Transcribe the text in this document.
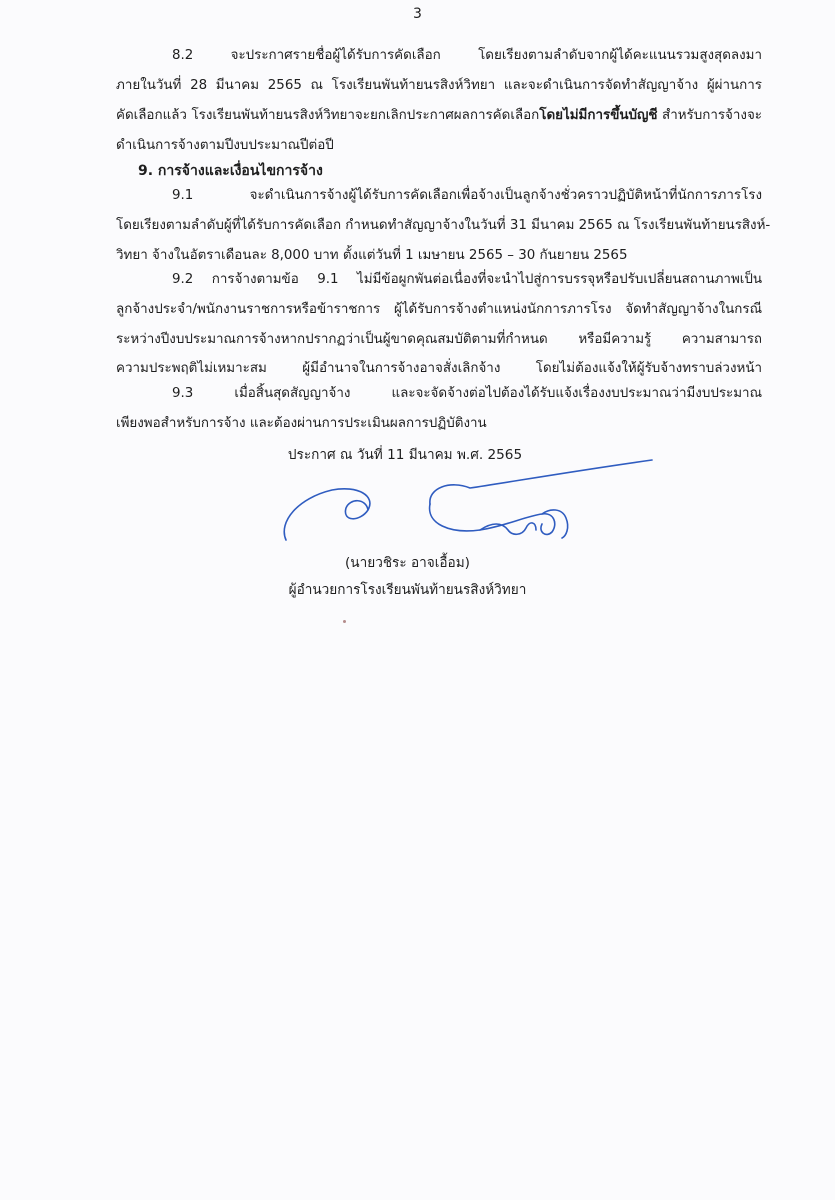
3
8.2 จะประกาศรายชื่อผู้ได้รับการคัดเลือก โดยเรียงตามลำดับจากผู้ได้คะแนนรวมสูงสุดลงมา
ภายในวันที่ 28 มีนาคม 2565 ณ โรงเรียนพันท้ายนรสิงห์วิทยา และจะดำเนินการจัดทำสัญญาจ้าง ผู้ผ่านการ
คัดเลือกแล้ว โรงเรียนพันท้ายนรสิงห์วิทยาจะยกเลิกประกาศผลการคัดเลือกโดยไม่มีการขึ้นบัญชี สำหรับการจ้างจะ
ดำเนินการจ้างตามปีงบประมาณปีต่อปี
9. การจ้างและเงื่อนไขการจ้าง
9.1 จะดำเนินการจ้างผู้ได้รับการคัดเลือกเพื่อจ้างเป็นลูกจ้างชั่วคราวปฏิบัติหน้าที่นักการภารโรง
โดยเรียงตามลำดับผู้ที่ได้รับการคัดเลือก กำหนดทำสัญญาจ้างในวันที่ 31 มีนาคม 2565 ณ โรงเรียนพันท้ายนรสิงห์-
วิทยา จ้างในอัตราเดือนละ 8,000 บาท ตั้งแต่วันที่ 1 เมษายน 2565 – 30 กันยายน 2565
9.2 การจ้างตามข้อ 9.1 ไม่มีข้อผูกพันต่อเนื่องที่จะนำไปสู่การบรรจุหรือปรับเปลี่ยนสถานภาพเป็น
ลูกจ้างประจำ/พนักงานราชการหรือข้าราชการ ผู้ได้รับการจ้างตำแหน่งนักการภารโรง จัดทำสัญญาจ้างในกรณี
ระหว่างปีงบประมาณการจ้างหากปรากฏว่าเป็นผู้ขาดคุณสมบัติตามที่กำหนด หรือมีความรู้ ความสามารถ
ความประพฤติไม่เหมาะสม ผู้มีอำนาจในการจ้างอาจสั่งเลิกจ้าง โดยไม่ต้องแจ้งให้ผู้รับจ้างทราบล่วงหน้า
9.3 เมื่อสิ้นสุดสัญญาจ้าง และจะจัดจ้างต่อไปต้องได้รับแจ้งเรื่องงบประมาณว่ามีงบประมาณ
เพียงพอสำหรับการจ้าง และต้องผ่านการประเมินผลการปฏิบัติงาน
ประกาศ ณ วันที่ 11 มีนาคม พ.ศ. 2565
(นายวชิระ อาจเอื้อม)
ผู้อำนวยการโรงเรียนพันท้ายนรสิงห์วิทยา
